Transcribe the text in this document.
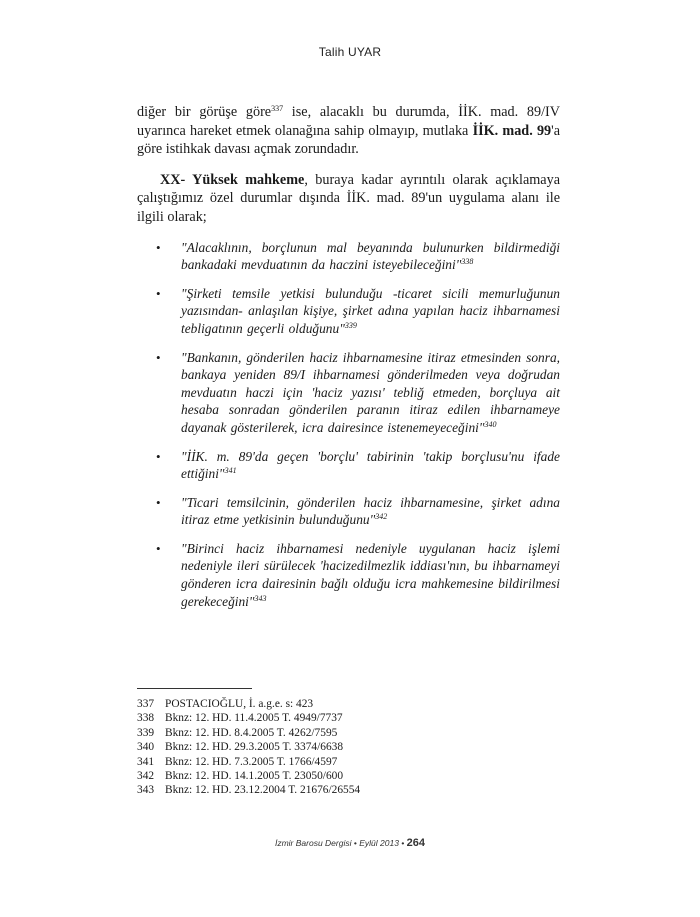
Talih UYAR

diğer bir görüşe göre$^{337}$ ise, alacaklı bu durumda, İİK. mad. 89/IV uyarınca hareket etmek olanağına sahip olmayıp, mutlaka İİK. mad. 99'a göre istihkak davası açmak zorundadır.

XX- Yüksek mahkeme, buraya kadar ayrıntılı olarak açıklamaya çalıştığımız özel durumlar dışında İİK. mad. 89'un uygulama alanı ile ilgili olarak;

• "Alacaklının, borçlunun mal beyanında bulunurken bildirmediği bankadaki mevduatının da haczini isteyebileceğini"$^{338}$
• "Şirketi temsile yetkisi bulunduğu -ticaret sicili memurluğunun yazısından- anlaşılan kişiye, şirket adına yapılan haciz ihbarnamesi tebligatının geçerli olduğunu"$^{339}$
• "Bankanın, gönderilen haciz ihbarnamesine itiraz etmesinden sonra, bankaya yeniden 89/I ihbarnamesi gönderilmeden veya doğrudan mevduatın haczi için 'haciz yazısı' tebliğ etmeden, borçluya ait hesaba sonradan gönderilen paranın itiraz edilen ihbarnameye dayanak gösterilerek, icra dairesince istenemeyeceğini"$^{340}$
• "İİK. m. 89'da geçen 'borçlu' tabirinin 'takip borçlusu'nu ifade ettiğini"$^{341}$
• "Ticari temsilcinin, gönderilen haciz ihbarnamesine, şirket adına itiraz etme yetkisinin bulunduğunu"$^{342}$
• "Birinci haciz ihbarnamesi nedeniyle uygulanan haciz işlemi nedeniyle ileri sürülecek 'hacizedilmezlik iddiası'nın, bu ihbarnameyi gönderen icra dairesinin bağlı olduğu icra mahkemesine bildirilmesi gerekeceğini"$^{343}$
337 POSTACIOĞLU, İ. a.g.e. s: 423
338 Bknz: 12. HD. 11.4.2005 T. 4949/7737
339 Bknz: 12. HD. 8.4.2005 T. 4262/7595
340 Bknz: 12. HD. 29.3.2005 T. 3374/6638
341 Bknz: 12. HD. 7.3.2005 T. 1766/4597
342 Bknz: 12. HD. 14.1.2005 T. 23050/600
343 Bknz: 12. HD. 23.12.2004 T. 21676/26554
İzmir Barosu Dergisi • Eylül 2013 • 264
